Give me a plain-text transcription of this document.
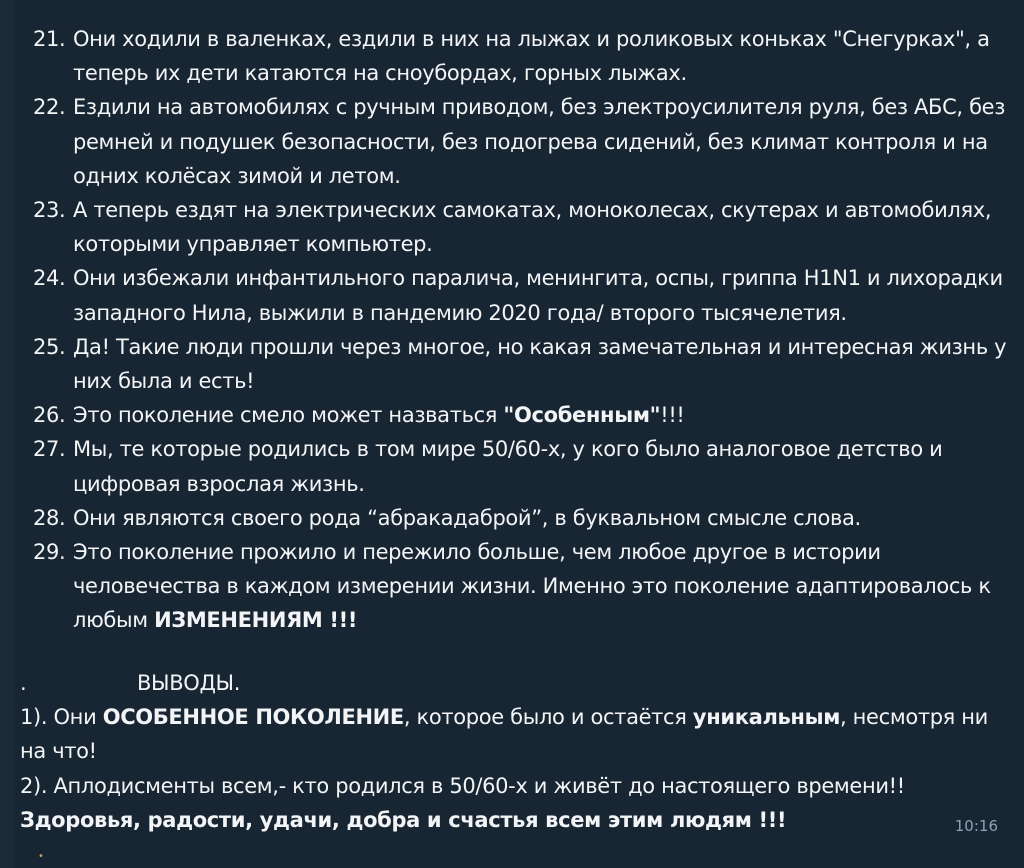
21. Они ходили в валенках, ездили в них на лыжах и роликовых коньках "Снегурках", а теперь их дети катаются на сноубордах, горных лыжах.
22. Ездили на автомобилях с ручным приводом, без электроусилителя руля, без АБС, без ремней и подушек безопасности, без подогрева сидений, без климат контроля и на одних колёсах зимой и летом.
23. А теперь ездят на электрических самокатах, моноколесах, скутерах и автомобилях, которыми управляет компьютер.
24. Они избежали инфантильного паралича, менингита, оспы, гриппа H1N1 и лихорадки западного Нила, выжили в пандемию 2020 года/ второго тысячелетия.
25. Да! Такие люди прошли через многое, но какая замечательная и интересная жизнь у них была и есть!
26. Это поколение смело может назваться "Особенным"!!!
27. Мы, те которые родились в том мире 50/60-х, у кого было аналоговое детство и цифровая взрослая жизнь.
28. Они являются своего рода “абракадаброй”, в буквальном смысле слова.
29. Это поколение прожило и пережило больше, чем любое другое в истории человечества в каждом измерении жизни. Именно это поколение адаптировалось к любым ИЗМЕНЕНИЯМ !!!
.	ВЫВОДЫ.

1). Они ОСОБЕННОЕ ПОКОЛЕНИЕ, которое было и остаётся уникальным, несмотря ни на что!

2). Аплодисменты всем,- кто родился в 50/60-х и живёт до настоящего времени!!

Здоровья, радости, удачи, добра и счастья всем этим людям !!!	10:16
•
